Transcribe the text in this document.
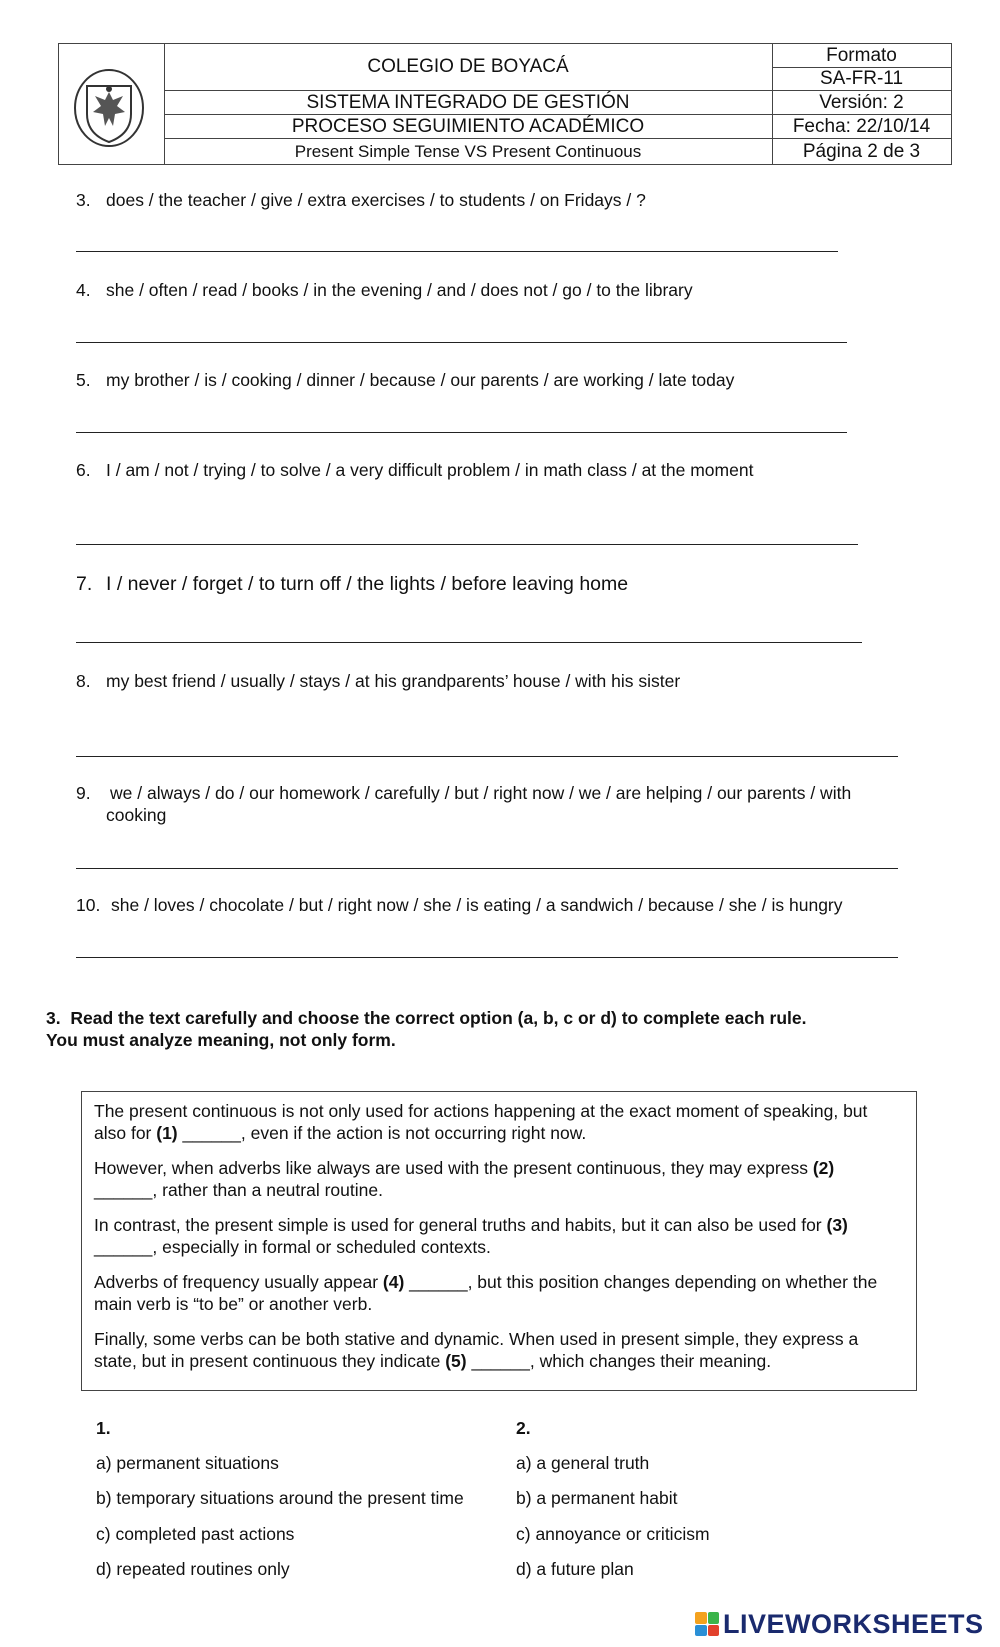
COLEGIO DE BOYACÁ
SISTEMA INTEGRADO DE GESTIÓN
PROCESO SEGUIMIENTO ACADÉMICO
Present Simple Tense VS Present Continuous
Formato
SA-FR-11
Versión: 2
Fecha: 22/10/14
Página 2 de 3
3. does / the teacher / give / extra exercises / to students / on Fridays / ?
4. she / often / read / books / in the evening / and / does not / go / to the library
5. my brother / is / cooking / dinner / because / our parents / are working / late today
6. I / am / not / trying / to solve / a very difficult problem / in math class / at the moment
7. I / never / forget / to turn off / the lights / before leaving home
8. my best friend / usually / stays / at his grandparents’ house / with his sister
9. we / always / do / our homework / carefully / but / right now / we / are helping / our parents / with
cooking
10. she / loves / chocolate / but / right now / she / is eating / a sandwich / because / she / is hungry
3. Read the text carefully and choose the correct option (a, b, c or d) to complete each rule.
You must analyze meaning, not only form.

The present continuous is not only used for actions happening at the exact moment of speaking, but also for (1) ______, even if the action is not occurring right now.

However, when adverbs like always are used with the present continuous, they may express (2)
______, rather than a neutral routine.

In contrast, the present simple is used for general truths and habits, but it can also be used for (3)
______, especially in formal or scheduled contexts.

Adverbs of frequency usually appear (4) ______, but this position changes depending on whether the main verb is “to be” or another verb.

Finally, some verbs can be both stative and dynamic. When used in present simple, they express a state, but in present continuous they indicate (5) ______, which changes their meaning.

1.
a) permanent situations
b) temporary situations around the present time
c) completed past actions
d) repeated routines only
2.
a) a general truth
b) a permanent habit
c) annoyance or criticism
d) a future plan
LIVEWORKSHEETS
